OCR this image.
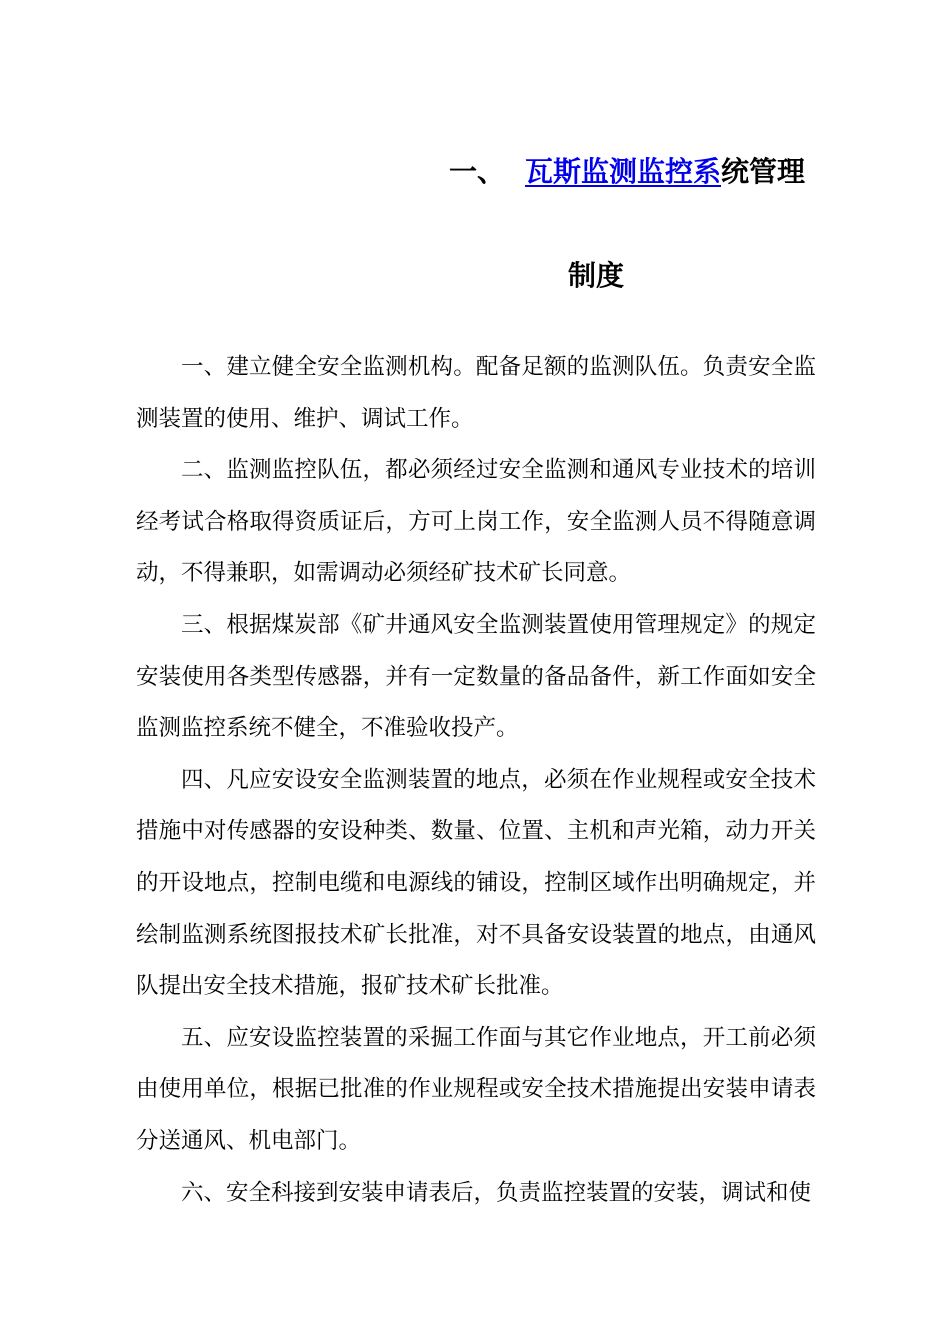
一、 瓦斯监测监控系统管理
制度

一、建立健全安全监测机构。配备足额的监测队伍。负责安全监测装置的使用、维护、调试工作。

二、监测监控队伍，都必须经过安全监测和通风专业技术的培训经考试合格取得资质证后，方可上岗工作，安全监测人员不得随意调动，不得兼职，如需调动必须经矿技术矿长同意。

三、根据煤炭部《矿井通风安全监测装置使用管理规定》的规定安装使用各类型传感器，并有一定数量的备品备件，新工作面如安全监测监控系统不健全，不准验收投产。

四、凡应安设安全监测装置的地点，必须在作业规程或安全技术措施中对传感器的安设种类、数量、位置、主机和声光箱，动力开关的开设地点，控制电缆和电源线的铺设，控制区域作出明确规定，并绘制监测系统图报技术矿长批准，对不具备安设装置的地点，由通风队提出安全技术措施，报矿技术矿长批准。

五、应安设监控装置的采掘工作面与其它作业地点，开工前必须由使用单位，根据已批准的作业规程或安全技术措施提出安装申请表分送通风、机电部门。

六、安全科接到安装申请表后，负责监控装置的安装，调试和使
